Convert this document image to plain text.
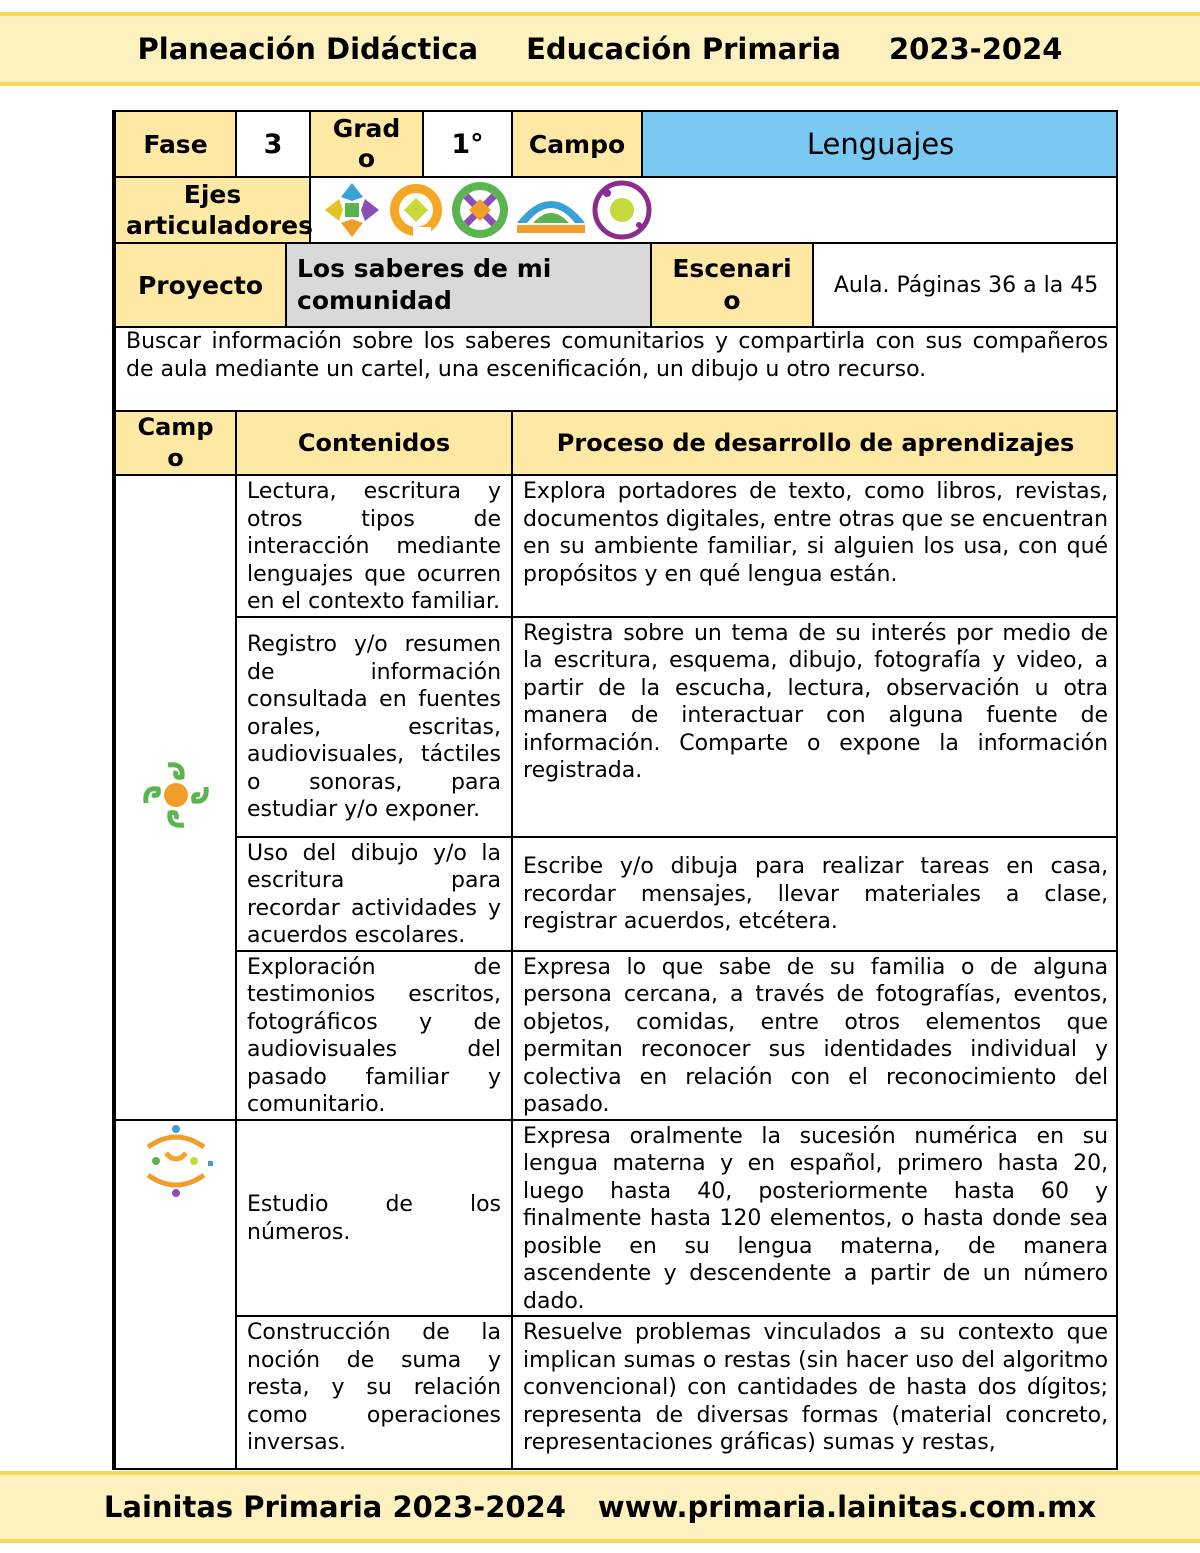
Planeación Didáctica Educación Primaria 2023-2024
Fase	3		Grad o	1°	Campo	Lenguajes		
Ejes articuladores	

Proyecto		Los saberes de mi comunidad					Escenari o	Aula. Páginas 36 a la 45
Buscar información sobre los saberes comunitarios y compartirla con sus compañeros de aula mediante un cartel, una escenificación, un dibujo u otro recurso.								
Camp o	Contenidos				Proceso de desarrollo de aprendizajes			
	Lectura, escritura y otros tipos de interacción mediante lenguajes que ocurren en el contexto familiar.				Explora portadores de texto, como libros, revistas, documentos digitales, entre otras que se encuentran en su ambiente familiar, si alguien los usa, con qué propósitos y en qué lengua están.			
	Registro y/o resumen de información consultada en fuentes orales, escritas, audiovisuales, táctiles o sonoras, para estudiar y/o exponer.				Registra sobre un tema de su interés por medio de la escritura, esquema, dibujo, fotografía y video, a partir de la escucha, lectura, observación u otra manera de interactuar con alguna fuente de información. Comparte o expone la información registrada.			
	Uso del dibujo y/o la escritura para recordar actividades y acuerdos escolares.				Escribe y/o dibuja para realizar tareas en casa, recordar mensajes, llevar materiales a clase, registrar acuerdos, etcétera.			
	Exploración de testimonios escritos, fotográficos y de audiovisuales del pasado familiar y comunitario.				Expresa lo que sabe de su familia o de alguna persona cercana, a través de fotografías, eventos, objetos, comidas, entre otros elementos que permitan reconocer sus identidades individual y colectiva en relación con el reconocimiento del pasado.			
	Estudio de los números.				Expresa oralmente la sucesión numérica en su lengua materna y en español, primero hasta 20, luego hasta 40, posteriormente hasta 60 y finalmente hasta 120 elementos, o hasta donde sea posible en su lengua materna, de manera ascendente y descendente a partir de un número dado.			
	Construcción de la noción de suma y resta, y su relación como operaciones inversas.				Resuelve problemas vinculados a su contexto que implican sumas o restas (sin hacer uso del algoritmo convencional) con cantidades de hasta dos dígitos; representa de diversas formas (material concreto, representaciones gráficas) sumas y restas,			
Lainitas Primaria 2023-2024 www.primaria.lainitas.com.mx
